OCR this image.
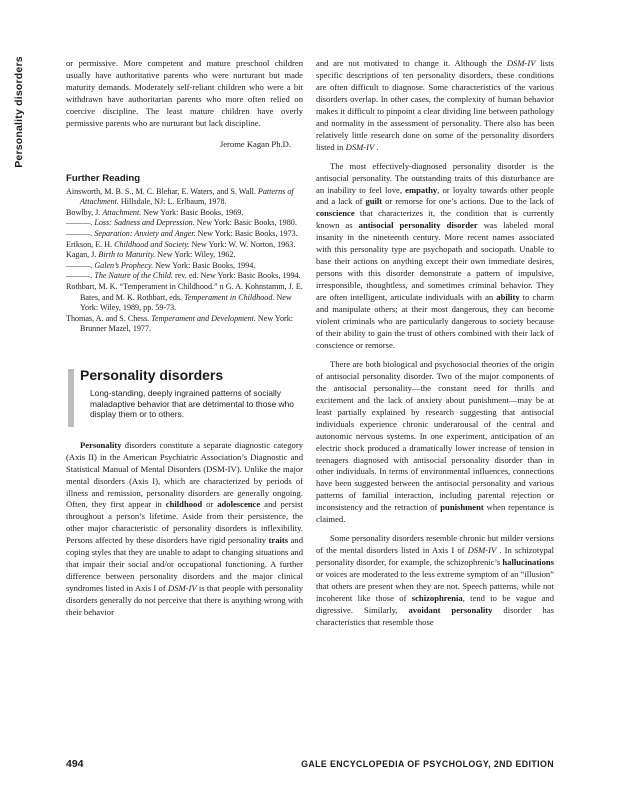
Personality disorders	or permissive. More competent and mature preschool children usually have authoritative parents who were nurturant but made maturity demands. Moderately self-reliant children who were a bit withdrawn have authoritarian parents who more often relied on coercive discipline. The least mature children have overly permissive parents who are nurturant but lack discipline.

Jerome Kagan Ph.D.

Further Reading
Ainsworth, M. B. S., M. C. Blehar, E. Waters, and S. Wall. Patterns of Attachment. Hillsdale, NJ: L. Erlbaum, 1978.
Bowlby, J. Attachment. New York: Basic Books, 1969.
———. Loss: Sadness and Depression. New York: Basic Books, 1980.
———. Separation: Anxiety and Anger. New York: Basic Books, 1973.
Erikson, E. H. Childhood and Society. New York: W. W. Norton, 1963.
Kagan, J. Birth to Maturity. New York: Wiley, 1962.
———. Galen’s Prophecy. New York: Basic Books, 1994.
———. The Nature of the Child. rev. ed. New York: Basic Books, 1994.
Rothbart, M. K. “Temperament in Childhood.” n G. A. Kohnstamm, J. E. Bates, and M. K. Rothbart, eds. Temperament in Childhood. New York: Wiley, 1989, pp. 59-73.
Thomas, A. and S. Chess. Temperament and Development. New York: Brunner Mazel, 1977.
Personality disorders
Long-standing, deeply ingrained patterns of socially maladaptive behavior that are detrimental to those who display them or to others.

Personality disorders constitute a separate diagnostic category (Axis II) in the American Psychiatric Association’s Diagnostic and Statistical Manual of Mental Disorders (DSM-IV). Unlike the major mental disorders (Axis I), which are characterized by periods of illness and remission, personality disorders are generally ongoing. Often, they first appear in childhood or adolescence and persist throughout a person’s lifetime. Aside from their persistence, the other major characteristic of personality disorders is inflexibility. Persons affected by these disorders have rigid personality traits and coping styles that they are unable to adapt to changing situations and that impair their social and/or occupational functioning. A further difference between personality disorders and the major clinical syndromes listed in Axis I of DSM-IV is that people with personality disorders generally do not perceive that there is anything wrong with their behavior

and are not motivated to change it. Although the DSM-IV lists specific descriptions of ten personality disorders, these conditions are often difficult to diagnose. Some characteristics of the various disorders overlap. In other cases, the complexity of human behavior makes it difficult to pinpoint a clear dividing line between pathology and normality in the assessment of personality. There also has been relatively little research done on some of the personality disorders listed in DSM-IV .

The most effectively-diagnosed personality disorder is the antisocial personality. The outstanding traits of this disturbance are an inability to feel love, empathy, or loyalty towards other people and a lack of guilt or remorse for one’s actions. Due to the lack of conscience that characterizes it, the condition that is currently known as antisocial personality disorder was labeled moral insanity in the nineteenth century. More recent names associated with this personality type are psychopath and sociopath. Unable to base their actions on anything except their own immediate desires, persons with this disorder demonstrate a pattern of impulsive, irresponsible, thoughtless, and sometimes criminal behavior. They are often intelligent, articulate individuals with an ability to charm and manipulate others; at their most dangerous, they can become violent criminals who are particularly dangerous to society because of their ability to gain the trust of others combined with their lack of conscience or remorse.

There are both biological and psychosocial theories of the origin of antisocial personality disorder. Two of the major components of the antisocial personality—the constant need for thrills and excitement and the lack of anxiety about punishment—may be at least partially explained by research suggesting that antisocial individuals experience chronic underarousal of the central and autonomic nervous systems. In one experiment, anticipation of an electric shock produced a dramatically lower increase of tension in teenagers diagnosed with antisocial personality disorder than in other individuals. In terms of environmental influences, connections have been suggested between the antisocial personality and various patterns of familial interaction, including parental rejection or inconsistency and the retraction of punishment when repentance is claimed.

Some personality disorders resemble chronic but milder versions of the mental disorders listed in Axis I of DSM-IV . In schizotypal personality disorder, for example, the schizophrenic’s hallucinations or voices are moderated to the less extreme symptom of an “illusion” that others are present when they are not. Speech patterns, while not incoherent like those of schizophrenia, tend to be vague and digressive. Similarly, avoidant personality disorder has characteristics that resemble those

494	GALE ENCYCLOPEDIA OF PSYCHOLOGY, 2ND EDITION
